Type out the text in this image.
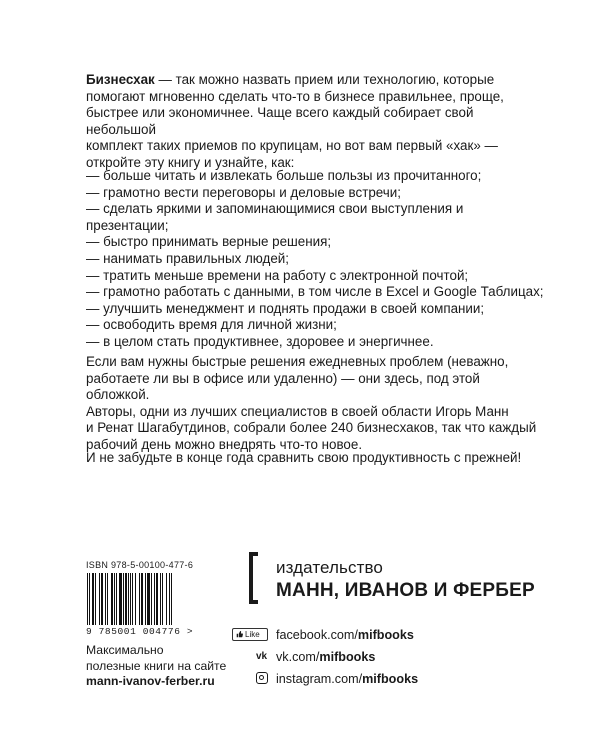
Бизнесхак — так можно назвать прием или технологию, которые
помогают мгновенно сделать что-то в бизнесе правильнее, проще,
быстрее или экономичнее. Чаще всего каждый собирает свой небольшой
комплект таких приемов по крупицам, но вот вам первый «хак» —
откройте эту книгу и узнайте, как:
— больше читать и извлекать больше пользы из прочитанного;
— грамотно вести переговоры и деловые встречи;
— сделать яркими и запоминающимися свои выступления и презентации;
— быстро принимать верные решения;
— нанимать правильных людей;
— тратить меньше времени на работу с электронной почтой;
— грамотно работать с данными, в том числе в Excel и Google Таблицах;
— улучшить менеджмент и поднять продажи в своей компании;
— освободить время для личной жизни;
— в целом стать продуктивнее, здоровее и энергичнее.
Если вам нужны быстрые решения ежедневных проблем (неважно,
работаете ли вы в офисе или удаленно) — они здесь, под этой обложкой.
Авторы, одни из лучших специалистов в своей области Игорь Манн
и Ренат Шагабутдинов, собрали более 240 бизнесхаков, так что каждый
рабочий день можно внедрять что-то новое.
И не забудьте в конце года сравнить свою продуктивность с прежней!
ISBN 978-5-00100-477-6
9 785001 004776 >
Максимально
полезные книги на сайте
mann-ivanov-ferber.ru
издательство
МАНН, ИВАНОВ И ФЕРБЕР
Like facebook.com/mifbooks
vk vk.com/mifbooks
instagram.com/mifbooks
